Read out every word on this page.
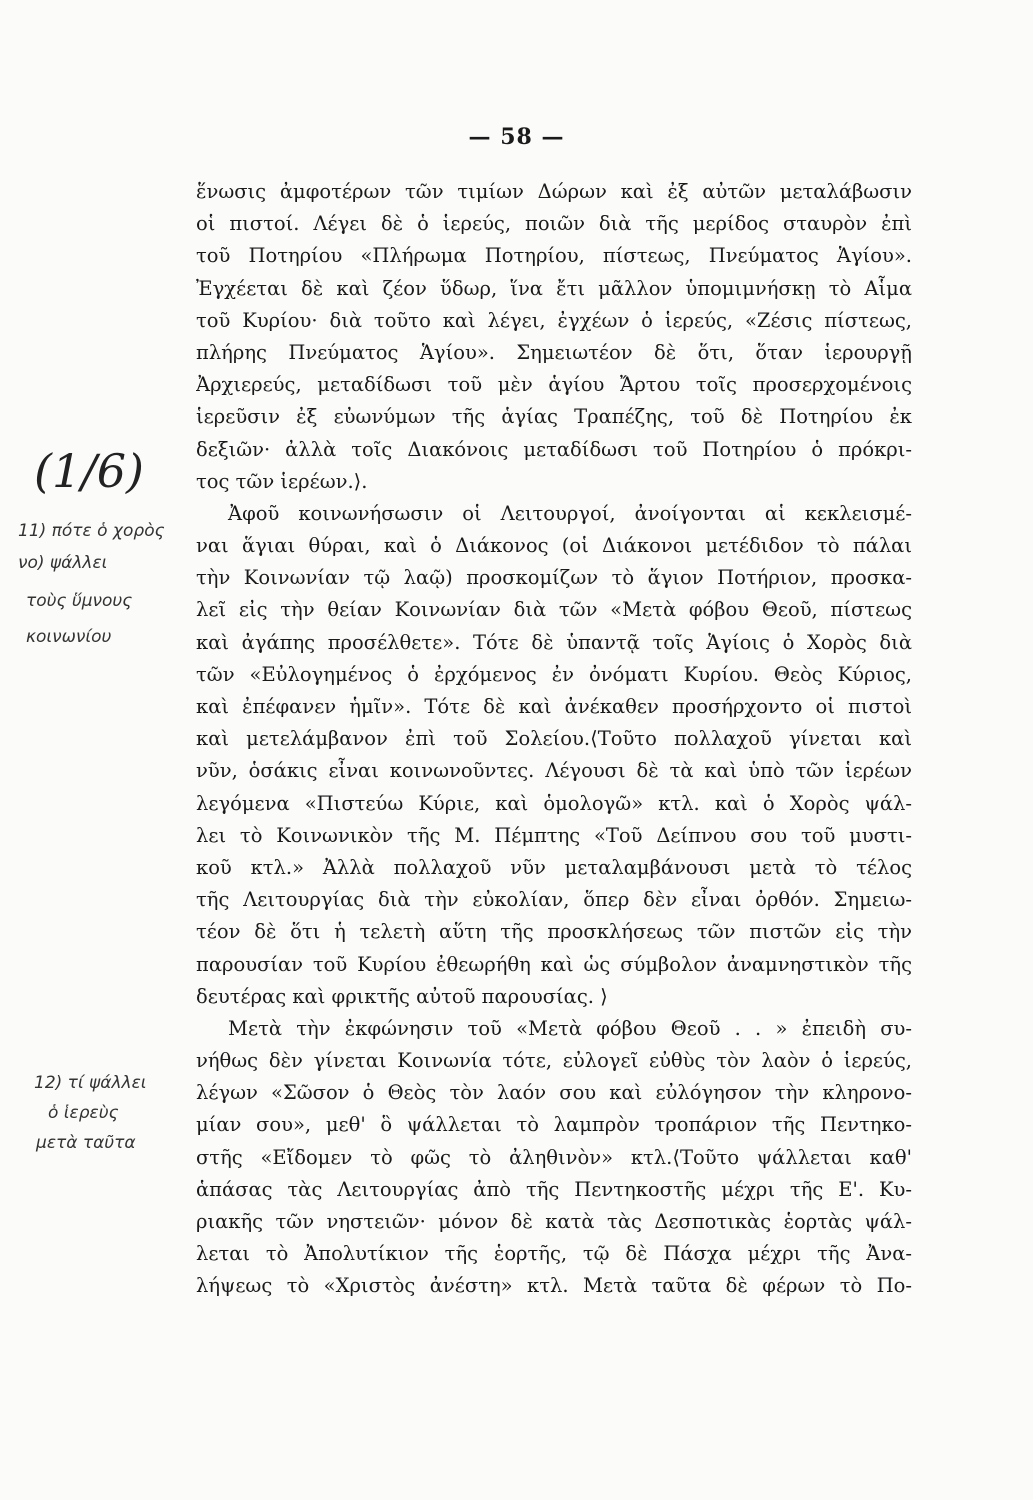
— 58 —
(1/6)
11) πότε ὁ χορὸς
νο) ψάλλει
τοὺς ὕμνους
κοινωνίου
12) τί ψάλλει
ὁ ἱερεὺς
μετὰ ταῦτα
ἕνωσις ἀμφοτέρων τῶν τιμίων Δώρων καὶ ἐξ αὐτῶν μεταλάβωσιν
οἱ πιστοί. Λέγει δὲ ὁ ἱερεύς, ποιῶν διὰ τῆς μερίδος σταυρὸν ἐπὶ
τοῦ Ποτηρίου «Πλήρωμα Ποτηρίου, πίστεως, Πνεύματος Ἁγίου».
Ἐγχέεται δὲ καὶ ζέον ὕδωρ, ἵνα ἔτι μᾶλλον ὑπομιμνήσκῃ τὸ Αἷμα
τοῦ Κυρίου· διὰ τοῦτο καὶ λέγει, ἐγχέων ὁ ἱερεύς, «Ζέσις πίστεως,
πλήρης Πνεύματος Ἁγίου». Σημειωτέον δὲ ὅτι, ὅταν ἱερουργῇ
Ἀρχιερεύς, μεταδίδωσι τοῦ μὲν ἁγίου Ἄρτου τοῖς προσερχομένοις
ἱερεῦσιν ἐξ εὐωνύμων τῆς ἁγίας Τραπέζης, τοῦ δὲ Ποτηρίου ἐκ
δεξιῶν· ἀλλὰ τοῖς Διακόνοις μεταδίδωσι τοῦ Ποτηρίου ὁ πρόκρι-
τος τῶν ἱερέων.⟩.
Ἀφοῦ κοινωνήσωσιν οἱ Λειτουργοί, ἀνοίγονται αἱ κεκλεισμέ-
ναι ἅγιαι θύραι, καὶ ὁ Διάκονος (οἱ Διάκονοι μετέδιδον τὸ πάλαι
τὴν Κοινωνίαν τῷ λαῷ) προσκομίζων τὸ ἅγιον Ποτήριον, προσκα-
λεῖ εἰς τὴν θείαν Κοινωνίαν διὰ τῶν «Μετὰ φόβου Θεοῦ, πίστεως
καὶ ἀγάπης προσέλθετε». Τότε δὲ ὑπαντᾷ τοῖς Ἁγίοις ὁ Χορὸς διὰ
τῶν «Εὐλογημένος ὁ ἐρχόμενος ἐν ὀνόματι Κυρίου. Θεὸς Κύριος,
καὶ ἐπέφανεν ἡμῖν». Τότε δὲ καὶ ἀνέκαθεν προσήρχοντο οἱ πιστοὶ
καὶ μετελάμβανον ἐπὶ τοῦ Σολείου.⟨Τοῦτο πολλαχοῦ γίνεται καὶ
νῦν, ὁσάκις εἶναι κοινωνοῦντες. Λέγουσι δὲ τὰ καὶ ὑπὸ τῶν ἱερέων
λεγόμενα «Πιστεύω Κύριε, καὶ ὁμολογῶ» κτλ. καὶ ὁ Χορὸς ψάλ-
λει τὸ Κοινωνικὸν τῆς Μ. Πέμπτης «Τοῦ Δείπνου σου τοῦ μυστι-
κοῦ κτλ.» Ἀλλὰ πολλαχοῦ νῦν μεταλαμβάνουσι μετὰ τὸ τέλος
τῆς Λειτουργίας διὰ τὴν εὐκολίαν, ὅπερ δὲν εἶναι ὀρθόν. Σημειω-
τέον δὲ ὅτι ἡ τελετὴ αὕτη τῆς προσκλήσεως τῶν πιστῶν εἰς τὴν
παρουσίαν τοῦ Κυρίου ἐθεωρήθη καὶ ὡς σύμβολον ἀναμνηστικὸν τῆς
δευτέρας καὶ φρικτῆς αὐτοῦ παρουσίας. ⟩
Μετὰ τὴν ἐκφώνησιν τοῦ «Μετὰ φόβου Θεοῦ . . » ἐπειδὴ συ-
νήθως δὲν γίνεται Κοινωνία τότε, εὐλογεῖ εὐθὺς τὸν λαὸν ὁ ἱερεύς,
λέγων «Σῶσον ὁ Θεὸς τὸν λαόν σου καὶ εὐλόγησον τὴν κληρονο-
μίαν σου», μεθ' ὃ ψάλλεται τὸ λαμπρὸν τροπάριον τῆς Πεντηκο-
στῆς «Εἴδομεν τὸ φῶς τὸ ἀληθινὸν» κτλ.⟨Τοῦτο ψάλλεται καθ'
ἁπάσας τὰς Λειτουργίας ἀπὸ τῆς Πεντηκοστῆς μέχρι τῆς Ε'. Κυ-
ριακῆς τῶν νηστειῶν· μόνον δὲ κατὰ τὰς Δεσποτικὰς ἑορτὰς ψάλ-
λεται τὸ Ἀπολυτίκιον τῆς ἑορτῆς, τῷ δὲ Πάσχα μέχρι τῆς Ἀνα-
λήψεως τὸ «Χριστὸς ἀνέστη» κτλ. Μετὰ ταῦτα δὲ φέρων τὸ Πο-
